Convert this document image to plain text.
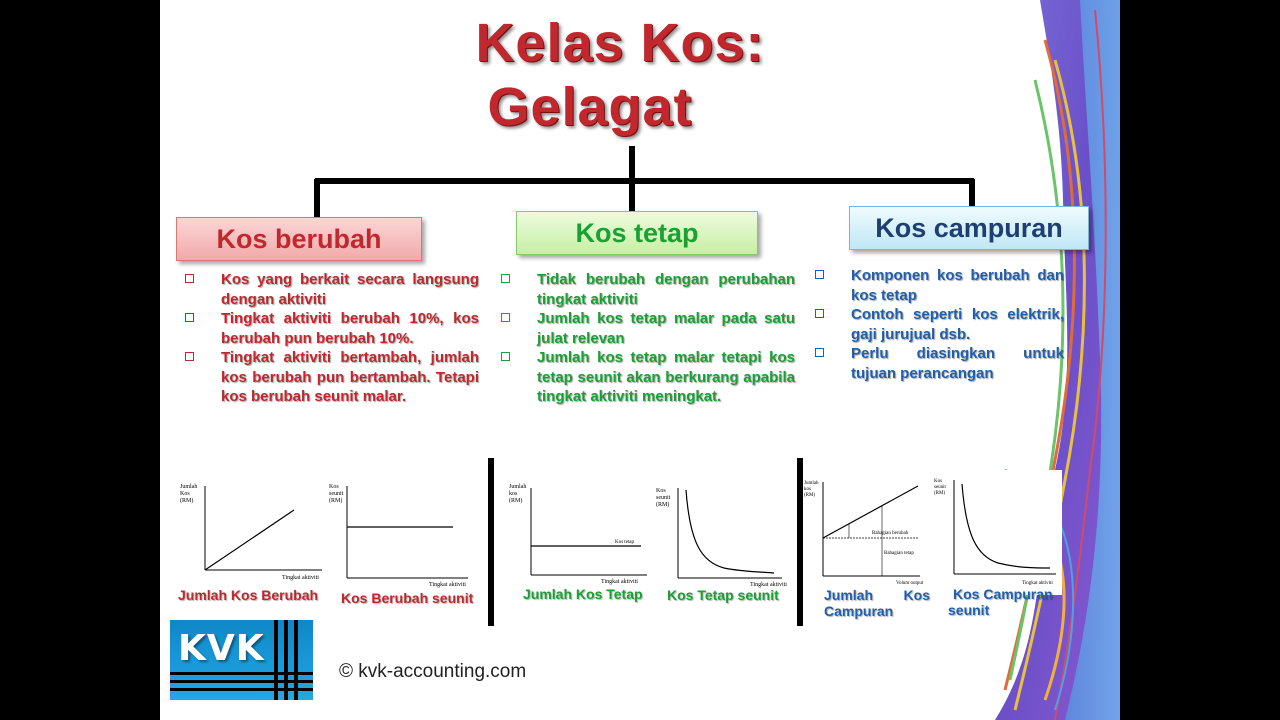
Kelas Kos:
Gelagat
Kos berubah	Kos tetap	Kos campuran
Kos yang berkait secara langsung dengan aktiviti
Tingkat aktiviti berubah 10%, kos berubah pun berubah 10%.
Tingkat aktiviti bertambah, jumlah kos berubah pun bertambah. Tetapi kos berubah seunit malar.
Tidak berubah dengan perubahan tingkat aktiviti
Jumlah kos tetap malar pada satu julat relevan
Jumlah kos tetap malar tetapi kos tetap seunit akan berkurang apabila tingkat aktiviti meningkat.
Komponen kos berubah dan kos tetap
Contoh seperti kos elektrik, gaji jurujual dsb.
Perlu diasingkan untuk tujuan perancangan
Jumlah
Kos
(RM)
Tingkat aktiviti
Jumlah Kos Berubah
Kos
seunit
(RM)
Tingkat aktiviti
Kos Berubah seunit
Jumlah
kos
(RM)
Kos tetap
Tingkat aktiviti
Jumlah Kos Tetap
Kos
seunit
(RM)
Tingkat aktiviti
Kos Tetap seunit
Jumlah
kos
(RM)
Bahagian berubah
Bahagian tetap
Volum output
Jumlah Kos
Campuran
Kos
seunit
(RM)
Tingkat aktiviti
Kos Campuran
seunit
KVK
© kvk-accounting.com
